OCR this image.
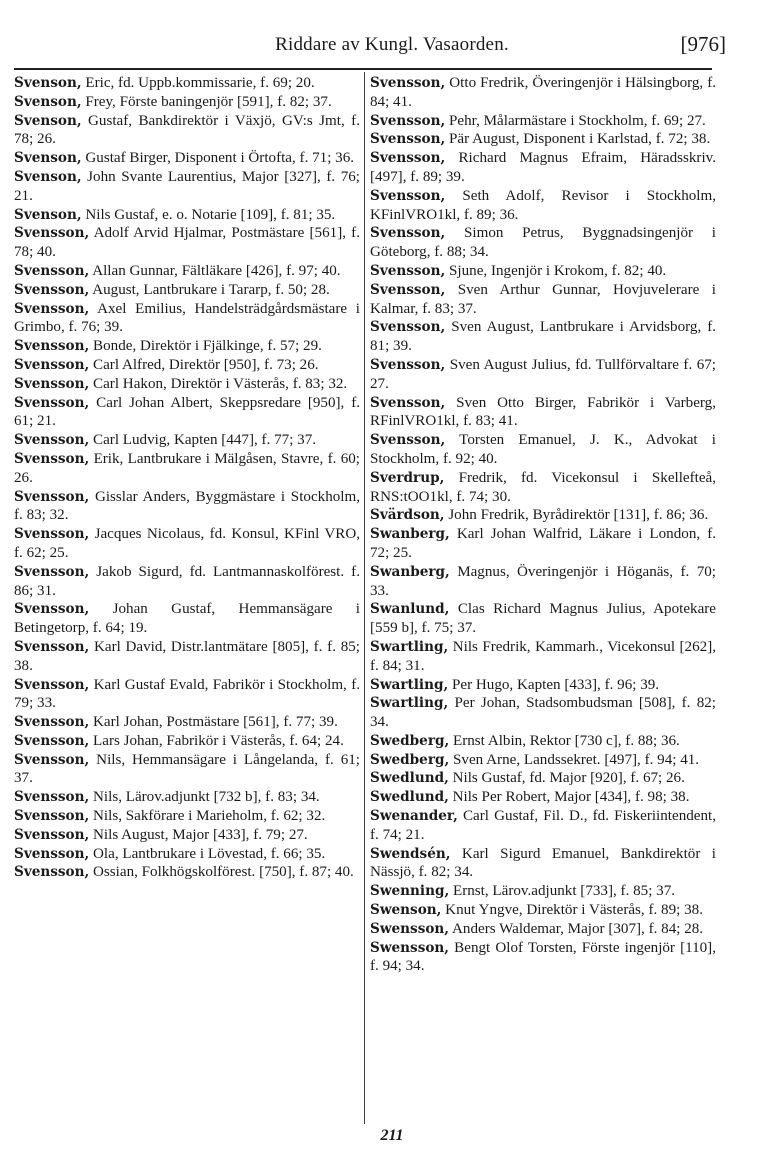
Riddare av Kungl. Vasaorden.	[976]
Svenson, Eric, fd. Uppb.kommissarie, f. 69; 20.
Svenson, Frey, Förste baningenjör [591], f. 82; 37.
Svenson, Gustaf, Bankdirektör i Växjö, GV:s Jmt, f. 78; 26.
Svenson, Gustaf Birger, Disponent i Örtofta, f. 71; 36.
Svenson, John Svante Laurentius, Major [327], f. 76; 21.
Svenson, Nils Gustaf, e. o. Notarie [109], f. 81; 35.
Svensson, Adolf Arvid Hjalmar, Postmästare [561], f. 78; 40.
Svensson, Allan Gunnar, Fältläkare [426], f. 97; 40.
Svensson, August, Lantbrukare i Tararp, f. 50; 28.
Svensson, Axel Emilius, Handelsträdgårdsmästare i Grimbo, f. 76; 39.
Svensson, Bonde, Direktör i Fjälkinge, f. 57; 29.
Svensson, Carl Alfred, Direktör [950], f. 73; 26.
Svensson, Carl Hakon, Direktör i Västerås, f. 83; 32.
Svensson, Carl Johan Albert, Skeppsredare [950], f. 61; 21.
Svensson, Carl Ludvig, Kapten [447], f. 77; 37.
Svensson, Erik, Lantbrukare i Mälgåsen, Stavre, f. 60; 26.
Svensson, Gisslar Anders, Byggmästare i Stockholm, f. 83; 32.
Svensson, Jacques Nicolaus, fd. Konsul, KFinl VRO, f. 62; 25.
Svensson, Jakob Sigurd, fd. Lantmannaskolförest. f. 86; 31.
Svensson, Johan Gustaf, Hemmansägare i Betingetorp, f. 64; 19.
Svensson, Karl David, Distr.lantmätare [805], f. f. 85; 38.
Svensson, Karl Gustaf Evald, Fabrikör i Stockholm, f. 79; 33.
Svensson, Karl Johan, Postmästare [561], f. 77; 39.
Svensson, Lars Johan, Fabrikör i Västerås, f. 64; 24.
Svensson, Nils, Hemmansägare i Långelanda, f. 61; 37.
Svensson, Nils, Lärov.adjunkt [732 b], f. 83; 34.
Svensson, Nils, Sakförare i Marieholm, f. 62; 32.
Svensson, Nils August, Major [433], f. 79; 27.
Svensson, Ola, Lantbrukare i Lövestad, f. 66; 35.
Svensson, Ossian, Folkhögskolförest. [750], f. 87; 40.
Svensson, Otto Fredrik, Överingenjör i Hälsingborg, f. 84; 41.
Svensson, Pehr, Målarmästare i Stockholm, f. 69; 27.
Svensson, Pär August, Disponent i Karlstad, f. 72; 38.
Svensson, Richard Magnus Efraim, Häradsskriv. [497], f. 89; 39.
Svensson, Seth Adolf, Revisor i Stockholm, KFinlVRO1kl, f. 89; 36.
Svensson, Simon Petrus, Byggnadsingenjör i Göteborg, f. 88; 34.
Svensson, Sjune, Ingenjör i Krokom, f. 82; 40.
Svensson, Sven Arthur Gunnar, Hovjuvelerare i Kalmar, f. 83; 37.
Svensson, Sven August, Lantbrukare i Arvidsborg, f. 81; 39.
Svensson, Sven August Julius, fd. Tullförvaltare f. 67; 27.
Svensson, Sven Otto Birger, Fabrikör i Varberg, RFinlVRO1kl, f. 83; 41.
Svensson, Torsten Emanuel, J. K., Advokat i Stockholm, f. 92; 40.
Sverdrup, Fredrik, fd. Vicekonsul i Skellefteå, RNS:tOO1kl, f. 74; 30.
Svärdson, John Fredrik, Byrådirektör [131], f. 86; 36.
Swanberg, Karl Johan Walfrid, Läkare i London, f. 72; 25.
Swanberg, Magnus, Överingenjör i Höganäs, f. 70; 33.
Swanlund, Clas Richard Magnus Julius, Apotekare [559 b], f. 75; 37.
Swartling, Nils Fredrik, Kammarh., Vicekonsul [262], f. 84; 31.
Swartling, Per Hugo, Kapten [433], f. 96; 39.
Swartling, Per Johan, Stadsombudsman [508], f. 82; 34.
Swedberg, Ernst Albin, Rektor [730 c], f. 88; 36.
Swedberg, Sven Arne, Landssekret. [497], f. 94; 41.
Swedlund, Nils Gustaf, fd. Major [920], f. 67; 26.
Swedlund, Nils Per Robert, Major [434], f. 98; 38.
Swenander, Carl Gustaf, Fil. D., fd. Fiskeriintendent, f. 74; 21.
Swendsén, Karl Sigurd Emanuel, Bankdirektör i Nässjö, f. 82; 34.
Swenning, Ernst, Lärov.adjunkt [733], f. 85; 37.
Swenson, Knut Yngve, Direktör i Västerås, f. 89; 38.
Swensson, Anders Waldemar, Major [307], f. 84; 28.
Swensson, Bengt Olof Torsten, Förste ingenjör [110], f. 94; 34.
211
